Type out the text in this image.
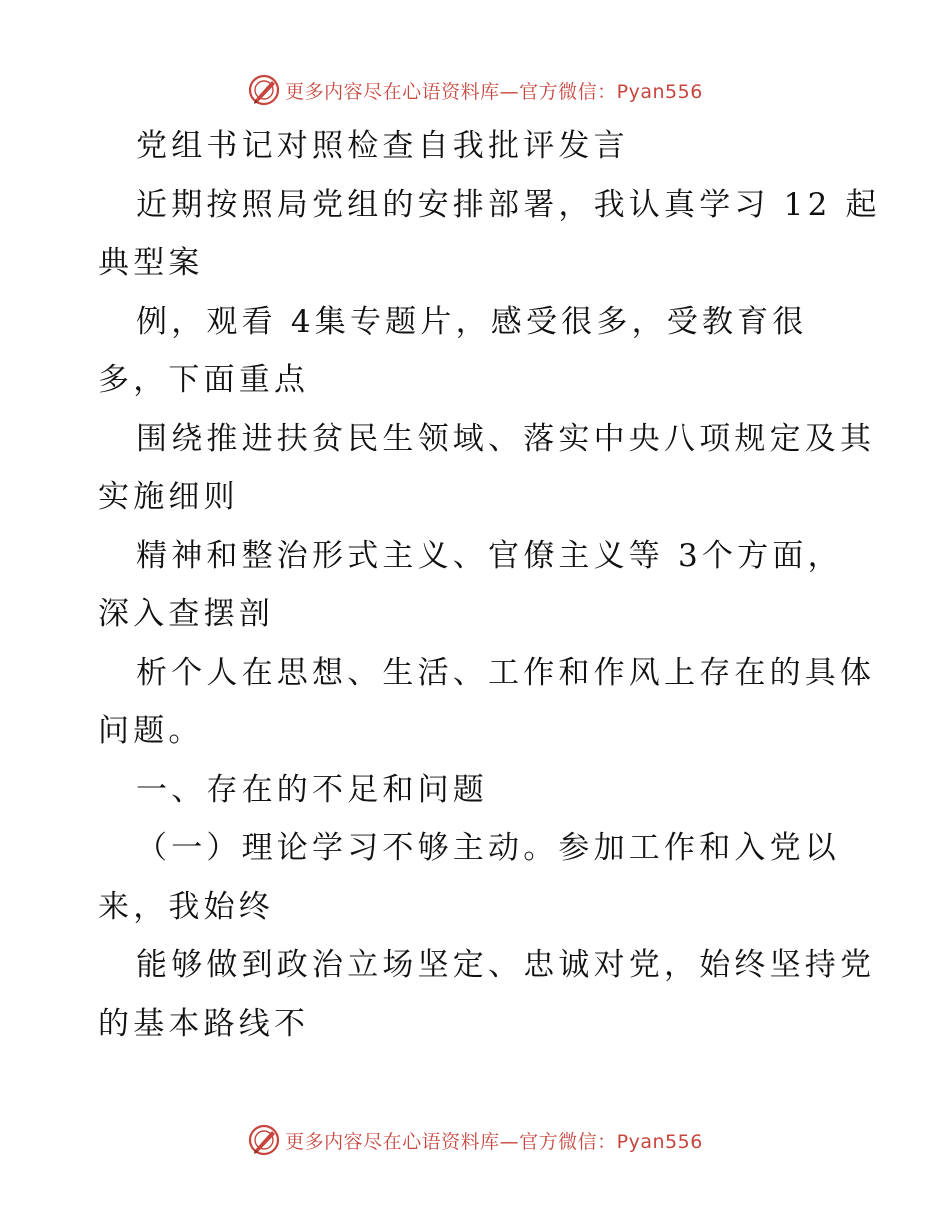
更多内容尽在心语资料库—官方微信：Pyan556
党组书记对照检查自我批评发言
近期按照局党组的安排部署，我认真学习 12 起
典型案
例，观看 4集专题片，感受很多，受教育很
多，下面重点
围绕推进扶贫民生领域、落实中央八项规定及其
实施细则
精神和整治形式主义、官僚主义等 3个方面，
深入查摆剖
析个人在思想、生活、工作和作风上存在的具体
问题。
一、存在的不足和问题
（一）理论学习不够主动。参加工作和入党以
来，我始终
能够做到政治立场坚定、忠诚对党，始终坚持党
的基本路线不
更多内容尽在心语资料库—官方微信：Pyan556
